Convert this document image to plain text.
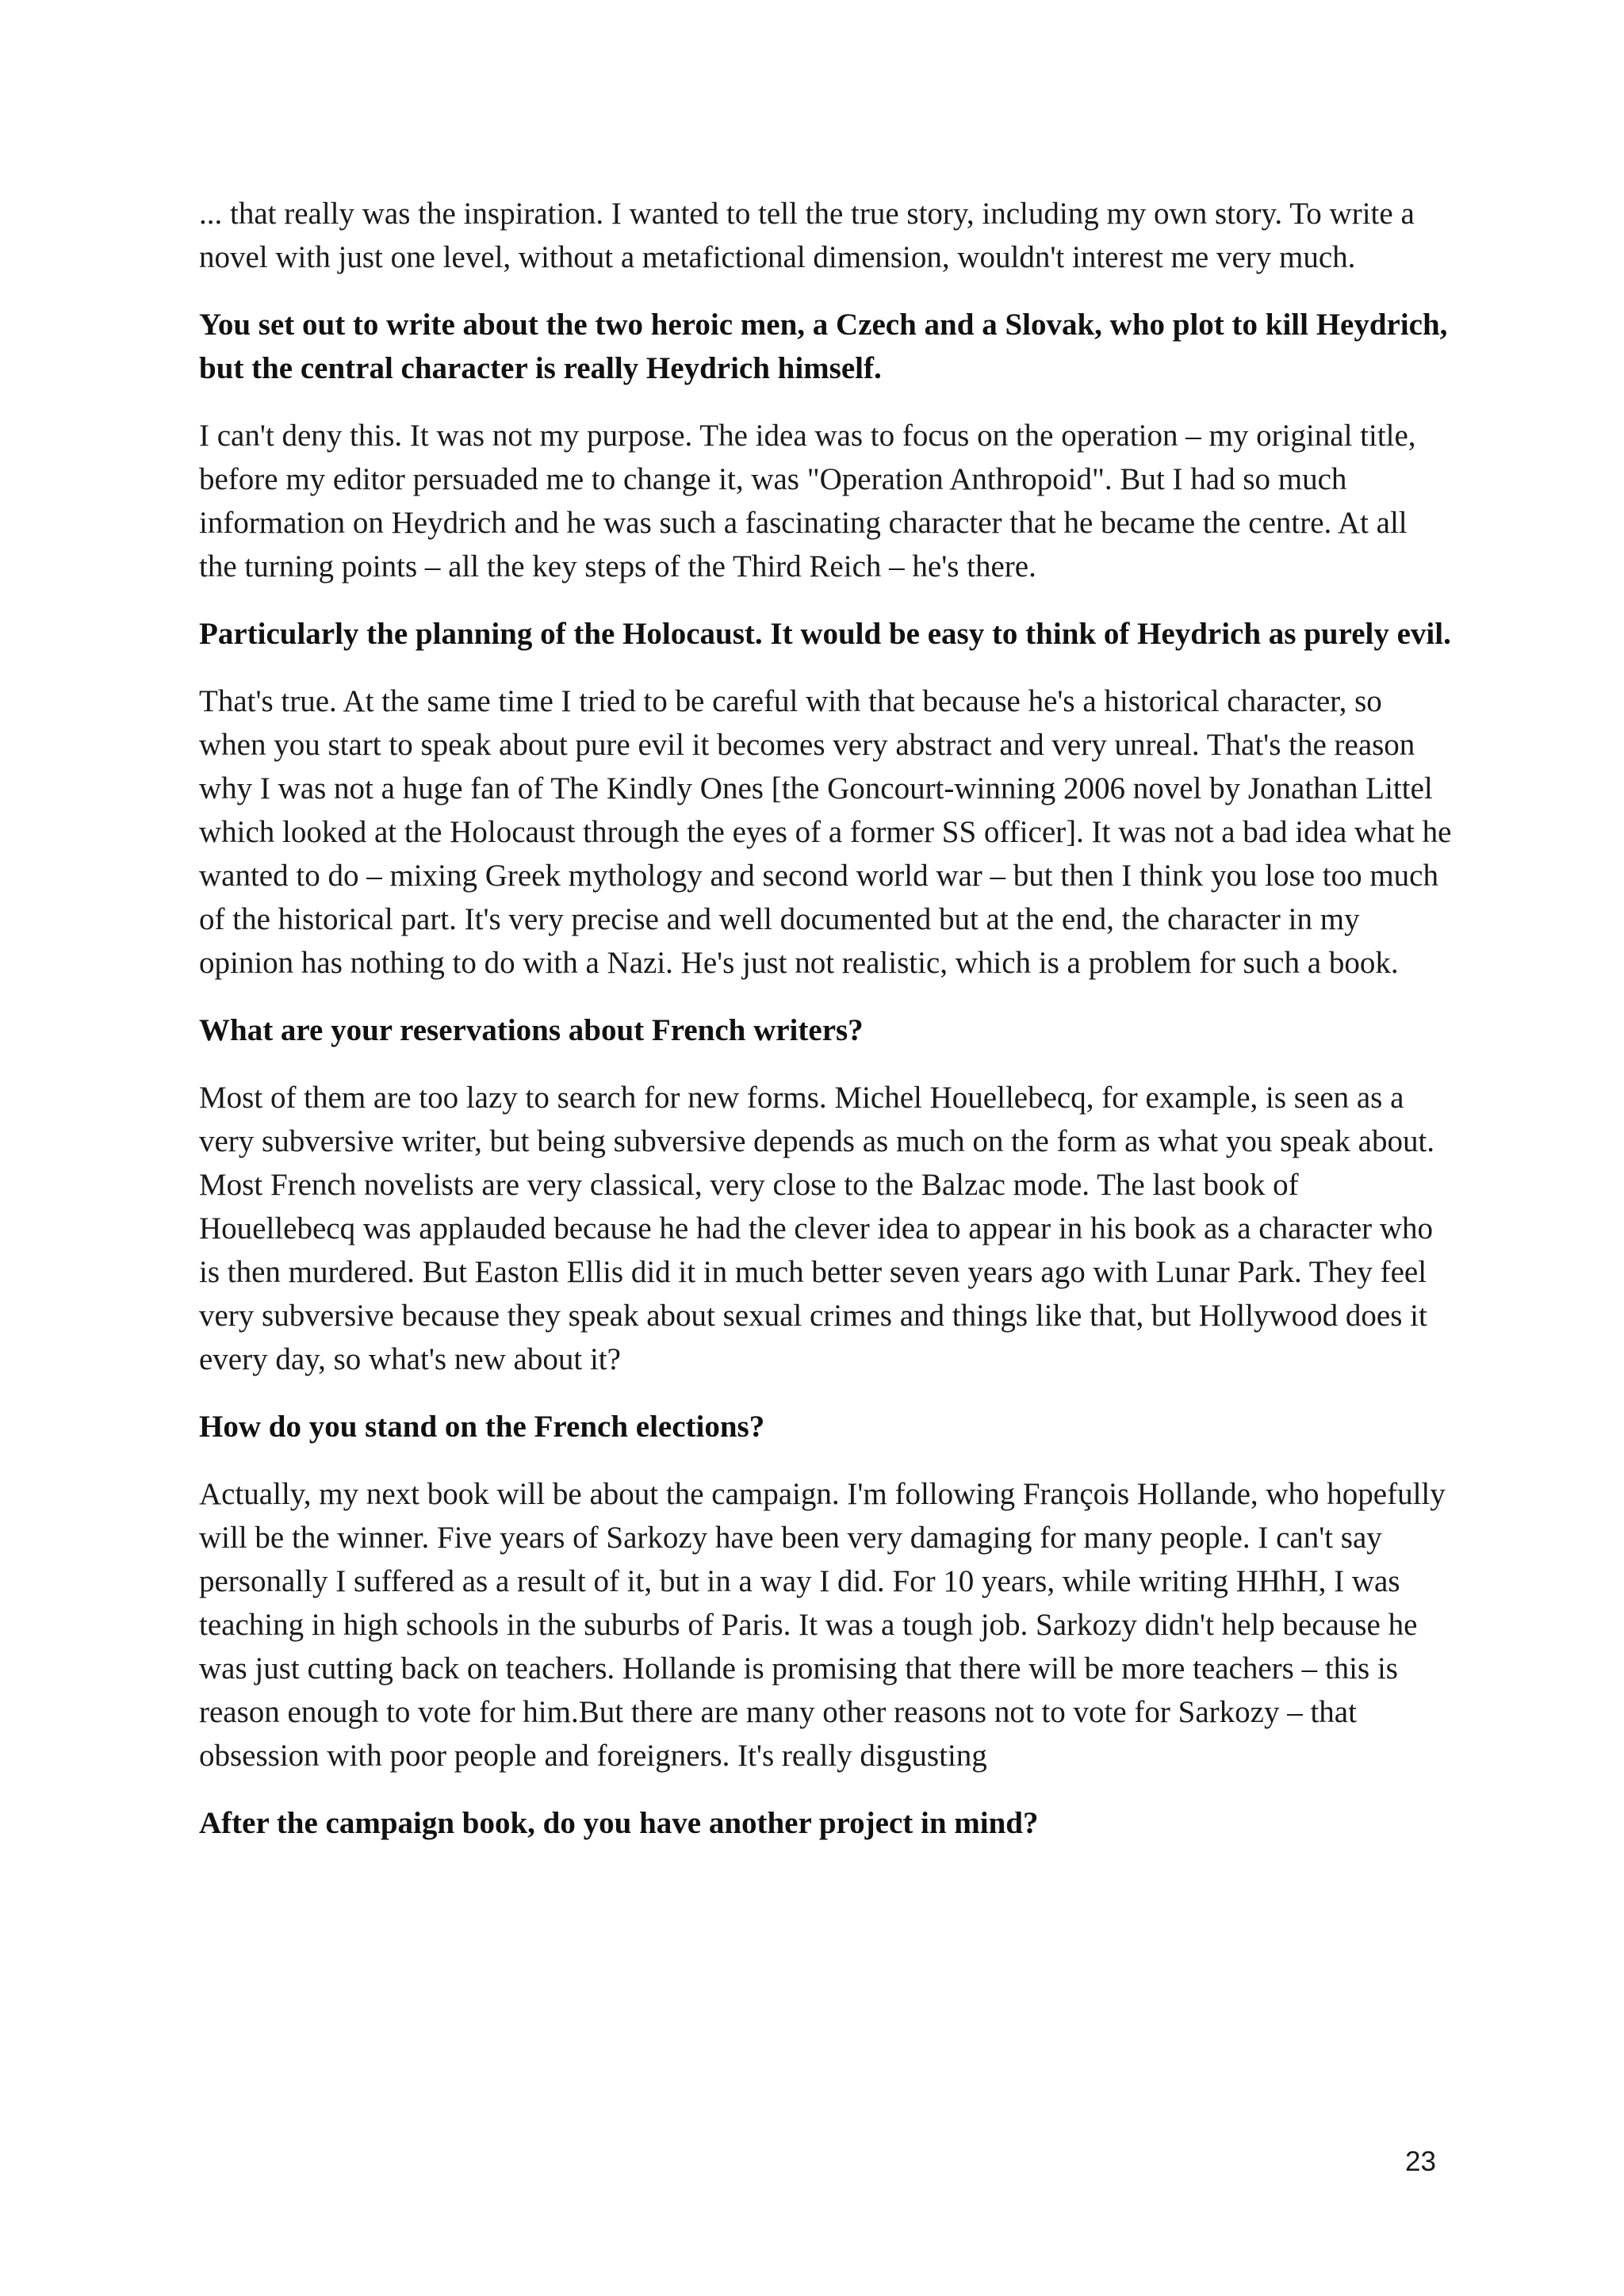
... that really was the inspiration. I wanted to tell the true story, including my own story. To write a novel with just one level, without a metafictional dimension, wouldn't interest me very much.

You set out to write about the two heroic men, a Czech and a Slovak, who plot to kill Heydrich, but the central character is really Heydrich himself.

I can't deny this. It was not my purpose. The idea was to focus on the operation – my original title, before my editor persuaded me to change it, was "Operation Anthropoid". But I had so much information on Heydrich and he was such a fascinating character that he became the centre. At all the turning points – all the key steps of the Third Reich – he's there.

Particularly the planning of the Holocaust. It would be easy to think of Heydrich as purely evil.

That's true. At the same time I tried to be careful with that because he's a historical character, so when you start to speak about pure evil it becomes very abstract and very unreal. That's the reason why I was not a huge fan of The Kindly Ones [the Goncourt-winning 2006 novel by Jonathan Littel which looked at the Holocaust through the eyes of a former SS officer]. It was not a bad idea what he wanted to do – mixing Greek mythology and second world war – but then I think you lose too much of the historical part. It's very precise and well documented but at the end, the character in my opinion has nothing to do with a Nazi. He's just not realistic, which is a problem for such a book.

What are your reservations about French writers?

Most of them are too lazy to search for new forms. Michel Houellebecq, for example, is seen as a very subversive writer, but being subversive depends as much on the form as what you speak about. Most French novelists are very classical, very close to the Balzac mode. The last book of Houellebecq was applauded because he had the clever idea to appear in his book as a character who is then murdered. But Easton Ellis did it in much better seven years ago with Lunar Park. They feel very subversive because they speak about sexual crimes and things like that, but Hollywood does it every day, so what's new about it?

How do you stand on the French elections?

Actually, my next book will be about the campaign. I'm following François Hollande, who hopefully will be the winner. Five years of Sarkozy have been very damaging for many people. I can't say personally I suffered as a result of it, but in a way I did. For 10 years, while writing HHhH, I was teaching in high schools in the suburbs of Paris. It was a tough job. Sarkozy didn't help because he was just cutting back on teachers. Hollande is promising that there will be more teachers – this is reason enough to vote for him.But there are many other reasons not to vote for Sarkozy – that obsession with poor people and foreigners. It's really disgusting

After the campaign book, do you have another project in mind?

23
